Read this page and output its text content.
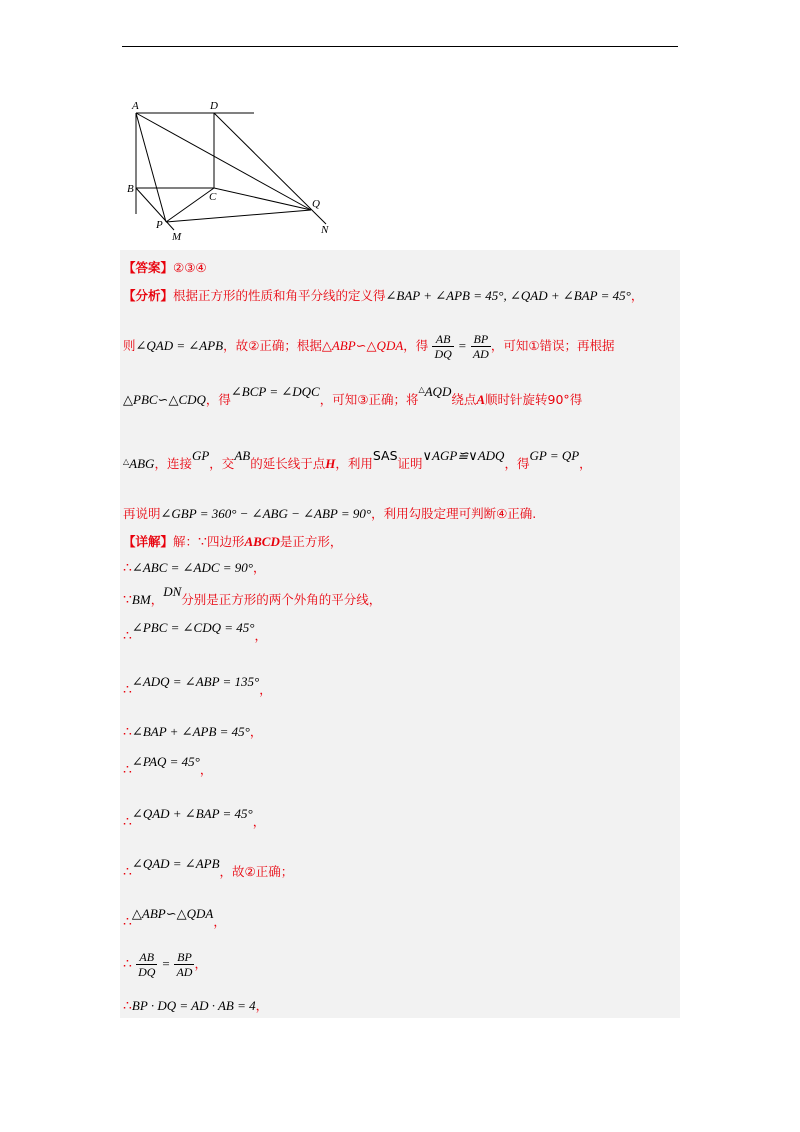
A	D
B
C
Q
P
M
N
【答案】②③④
【分析】根据正方形的性质和角平分线的定义得∠BAP + ∠APB = 45°, ∠QAD + ∠BAP = 45°，
则∠QAD = ∠APB，故②正确；根据△ABP∽△QDA，得 $\frac{AB}{DQ} = \frac{BP}{AD}$ ，可知①错误；再根据
△PBC∽△CDQ，得∠BCP = ∠DQC，可知③正确；将△AQD绕点A顺时针旋转90°得
△ABG，连接GP，交AB的延长线于点H，利用SAS证明∨AGP≌∨ADQ，得GP = QP，
再说明∠GBP = 360° − ∠ABG − ∠ABP = 90°，利用勾股定理可判断④正确.
【详解】解：∵四边形ABCD是正方形，
∴∠ABC = ∠ADC = 90°，
∵BM，DN分别是正方形的两个外角的平分线，
∴∠PBC = ∠CDQ = 45°，
∴∠ADQ = ∠ABP = 135°，
∴∠BAP + ∠APB = 45°，
∴∠PAQ = 45°，
∴∠QAD + ∠BAP = 45°，
∴∠QAD = ∠APB，故②正确；
∴△ABP∽△QDA，
∴ $\frac{AB}{DQ} = \frac{BP}{AD}$ ，
∴BP · DQ = AD · AB = 4，
